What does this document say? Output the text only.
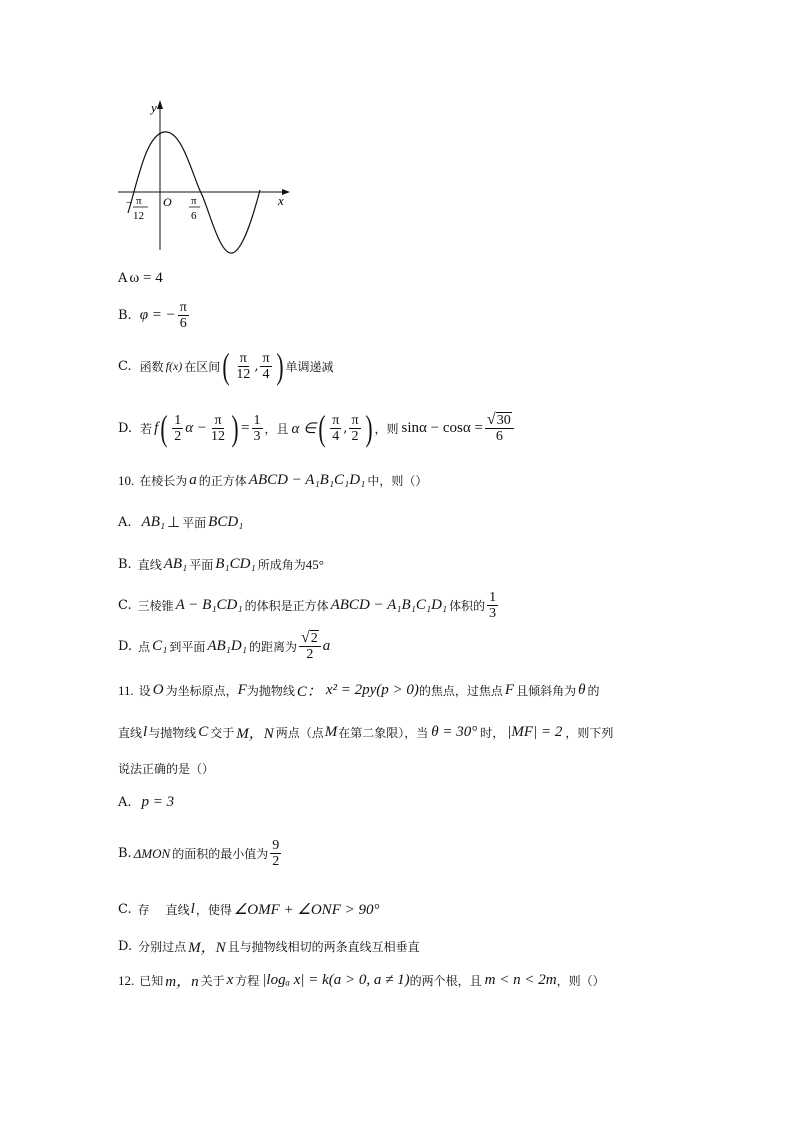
y
x
O
− π
12
π
6
A ω = 4
B. φ = − $\frac{\pi}{6}$
C. 函数 f(x) 在区间 ( $\frac{\pi}{12}$ , $\frac{\pi}{4}$ ) 单调递减
D. 若 f ( $\frac{1}{2}$ $\alpha - \frac{\pi}{12}$ ) = $\frac{1}{3}$ ，且 α ∈ ( $\frac{\pi}{4}$ , $\frac{\pi}{2}$ ) ，则 $\sin\alpha - \cos\alpha = \frac{√ 30}{6}$
10. 在棱长为 a 的正方体 ABCD − A₁B₁C₁D₁ 中，则（）
A. AB₁ ⊥ 平面 BCD₁
B. 直线 AB₁ 平面 B₁CD₁ 所成角为 45°
C. 三棱锥 A − B₁CD₁ 的体积是正方体 ABCD − A₁B₁C₁D₁ 体积的 $\frac{1}{3}$
D. 点 C₁ 到平面 AB₁D₁ 的距离为 $\frac{√ 2}{2}$ a
11. 设 O 为坐标原点， F 为抛物线 C： x² = 2py(p > 0) 的焦点，过焦点 F 且倾斜角为 θ 的
直线 l 与抛物线 C 交于 M，N 两点（点 M 在第二象限），当 θ = 30° 时， |MF| = 2 ，则下列
说法正确的是（）
A. p = 3
B. ΔMON 的面积的最小值为 $\frac{9}{2}$
C. 存 直线 l ，使得 ∠OMF + ∠ONF > 90°
D. 分别过点 M，N 且与抛物线相切的两条直线互相垂直
12. 已知 m，n 关于 x 方程 |logₐ x| = k(a > 0, a ≠ 1) 的两个根，且 m < n < 2m ，则（）
